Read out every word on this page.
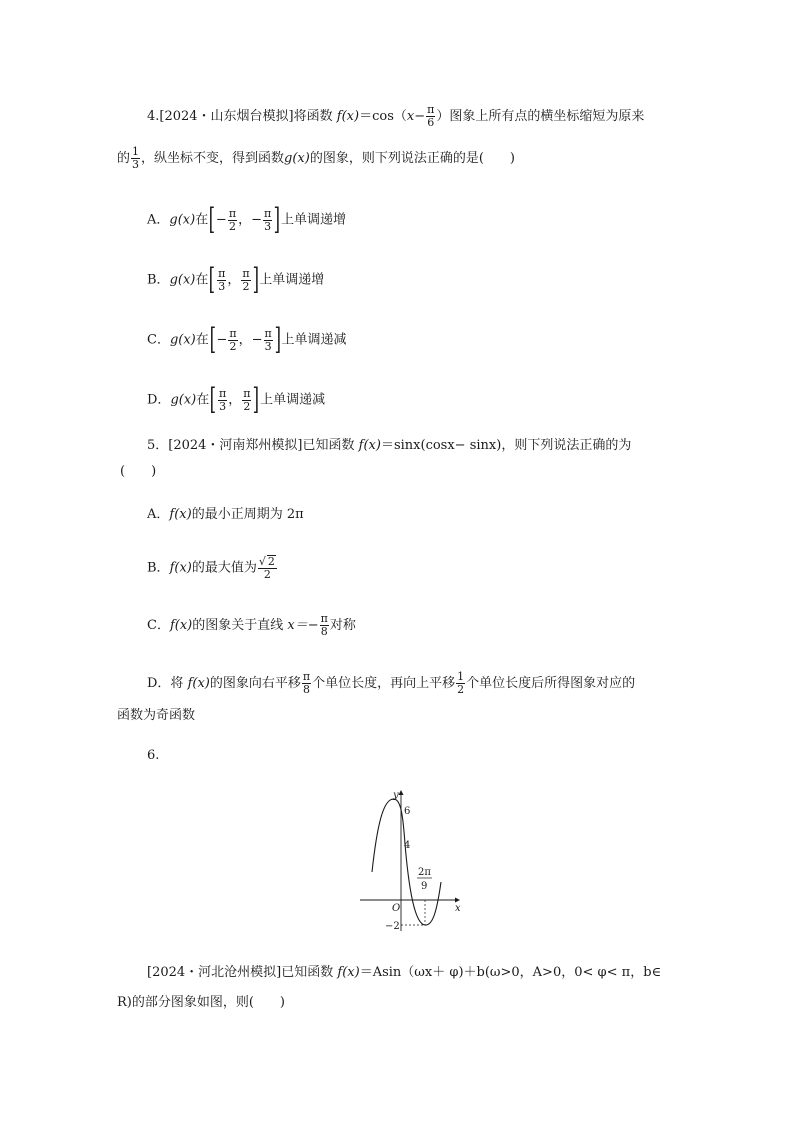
4.[2024・山东烟台模拟]将函数 $f(x)=\cos(x- \frac{\pi}{6}$ ）图象上所有点的横坐标缩短为原来
的 $\frac{1}{3}$ ，纵坐标不变，得到函数g(x)的图象，则下列说法正确的是(　　)
A．g(x)在[− $\frac{\pi}{2}$ ，− $\frac{\pi}{3}$ ]上单调递增
B．g(x)在[ $\frac{\pi}{3}$ ， $\frac{\pi}{2}$ ]上单调递增
C．g(x)在[− $\frac{\pi}{2}$ ，− $\frac{\pi}{3}$ ]上单调递减
D．g(x)在[ $\frac{\pi}{3}$ ， $\frac{\pi}{2}$ ]上单调递减
5．[2024・河南郑州模拟]已知函数 f(x)＝sinx(cosx− sinx)，则下列说法正确的为
(　　)
A．f(x)的最小正周期为 2π
B．f(x)的最大值为 $\frac{√ 2}{2}$
C．f(x)的图象关于直线 $x=- \frac{\pi}{8}$ 对称
D．将 f(x)的图象向右平移 $\frac{\pi}{8}$ 个单位长度，再向上平移 $\frac{1}{2}$ 个单位长度后所得图象对应的
函数为奇函数
6.
y
x
O
6
4
−2
2π
9
[2024・河北沧州模拟]已知函数 f(x)＝Asin（ωx＋ φ)＋b(ω>0，A>0，0< φ< π，b∈
R)的部分图象如图，则(　　)
